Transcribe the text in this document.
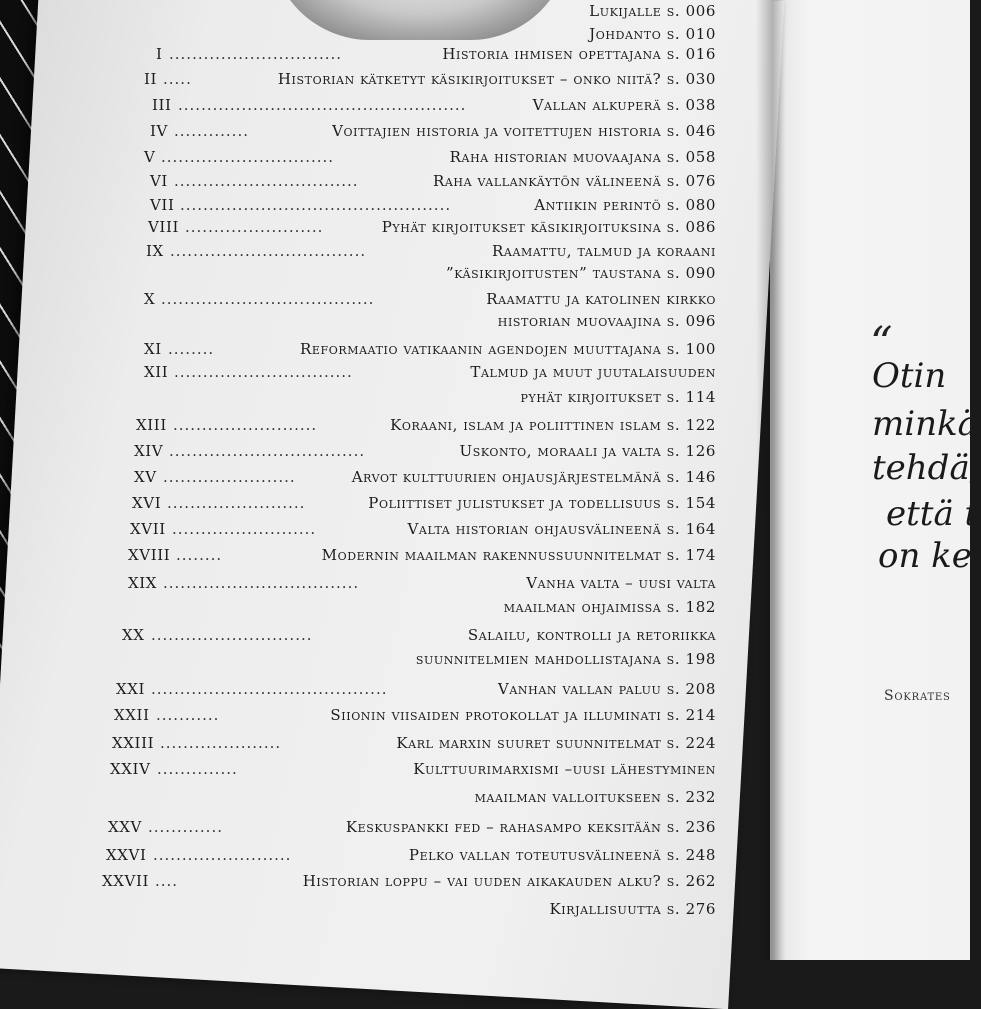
Lukijalle s. 006
Johdanto s. 010
Historia ihmisen opettajana s. 016
I ..............................
Historian kätketyt käsikirjoitukset – onko niitä? s. 030
II .....
Vallan alkuperä s. 038
III ..................................................
Voittajien historia ja voitettujen historia s. 046
IV .............
Raha historian muovaajana s. 058
V ..............................
Raha vallankäytön välineenä s. 076
VI ................................
Antiikin perintö s. 080
VII ...............................................
Pyhät kirjoitukset käsikirjoituksina s. 086
VIII ........................
Raamattu, talmud ja koraani
IX ..................................
”käsikirjoitusten” taustana s. 090
Raamattu ja katolinen kirkko
X .....................................
historian muovaajina s. 096
Reformaatio vatikaanin agendojen muuttajana s. 100
XI ........
Talmud ja muut juutalaisuuden
XII ...............................
pyhät kirjoitukset s. 114
Koraani, islam ja poliittinen islam s. 122
XIII .........................
Uskonto, moraali ja valta s. 126
XIV ..................................
Arvot kulttuurien ohjausjärjestelmänä s. 146
XV .......................
Poliittiset julistukset ja todellisuus s. 154
XVI ........................
Valta historian ohjausvälineenä s. 164
XVII .........................
Modernin maailman rakennussuunnitelmat s. 174
XVIII ........
Vanha valta – uusi valta
XIX ..................................
maailman ohjaimissa s. 182
Salailu, kontrolli ja retoriikka
XX ............................
suunnitelmien mahdollistajana s. 198
Vanhan vallan paluu s. 208
XXI .........................................
Siionin viisaiden protokollat ja illuminati s. 214
XXII ...........
Karl marxin suuret suunnitelmat s. 224
XXIII .....................
Kulttuurimarxismi –uusi lähestyminen
XXIV ..............
maailman valloitukseen s. 232
Keskuspankki fed – rahasampo keksitään s. 236
XXV .............
Pelko vallan toteutusvälineenä s. 248
XXVI ........................
Historian loppu – vai uuden aikakauden alku? s. 262
XXVII ....
Kirjallisuutta s. 276
“
Otin
minkä
tehdä;
että t
on ke
Sokrates
